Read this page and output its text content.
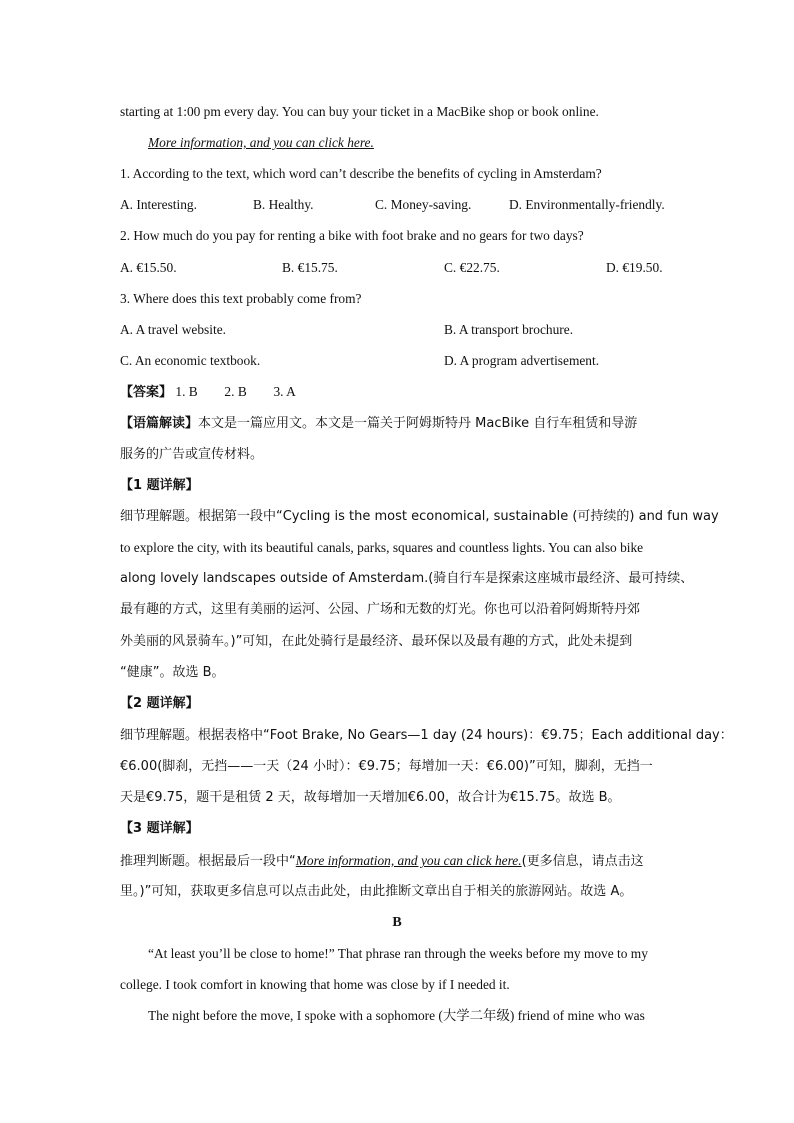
starting at 1:00 pm every day. You can buy your ticket in a MacBike shop or book online.
More information, and you can click here.
1. According to the text, which word can’t describe the benefits of cycling in Amsterdam?
A. Interesting.	B. Healthy.	C. Money-saving.	D. Environmentally-friendly.
2. How much do you pay for renting a bike with foot brake and no gears for two days?
A. €15.50.	B. €15.75.	C. €22.75.	D. €19.50.
3. Where does this text probably come from?
A. A travel website.	B. A transport brochure.
C. An economic textbook.	D. A program advertisement.
【答案】 1. B 2. B 3. A
【语篇解读】本文是一篇应用文。本文是一篇关于阿姆斯特丹 MacBike 自行车租赁和导游
服务的广告或宣传材料。
【1 题详解】
细节理解题。根据第一段中“Cycling is the most economical, sustainable (可持续的) and fun way
to explore the city, with its beautiful canals, parks, squares and countless lights. You can also bike
along lovely landscapes outside of Amsterdam.(骑自行车是探索这座城市最经济、最可持续、
最有趣的方式，这里有美丽的运河、公园、广场和无数的灯光。你也可以沿着阿姆斯特丹郊
外美丽的风景骑车。)”可知，在此处骑行是最经济、最环保以及最有趣的方式，此处未提到
“健康”。故选 B。
【2 题详解】
细节理解题。根据表格中“Foot Brake, No Gears—1 day (24 hours)：€9.75；Each additional day：
€6.00(脚刹，无挡——一天（24 小时）：€9.75；每增加一天：€6.00)”可知，脚刹，无挡一
天是€9.75，题干是租赁 2 天，故每增加一天增加€6.00，故合计为€15.75。故选 B。
【3 题详解】
推理判断题。根据最后一段中“More information, and you can click here.(更多信息，请点击这
里。)”可知，获取更多信息可以点击此处，由此推断文章出自于相关的旅游网站。故选 A。
B
“At least you’ll be close to home!” That phrase ran through the weeks before my move to my
college. I took comfort in knowing that home was close by if I needed it.
The night before the move, I spoke with a sophomore (大学二年级) friend of mine who was
